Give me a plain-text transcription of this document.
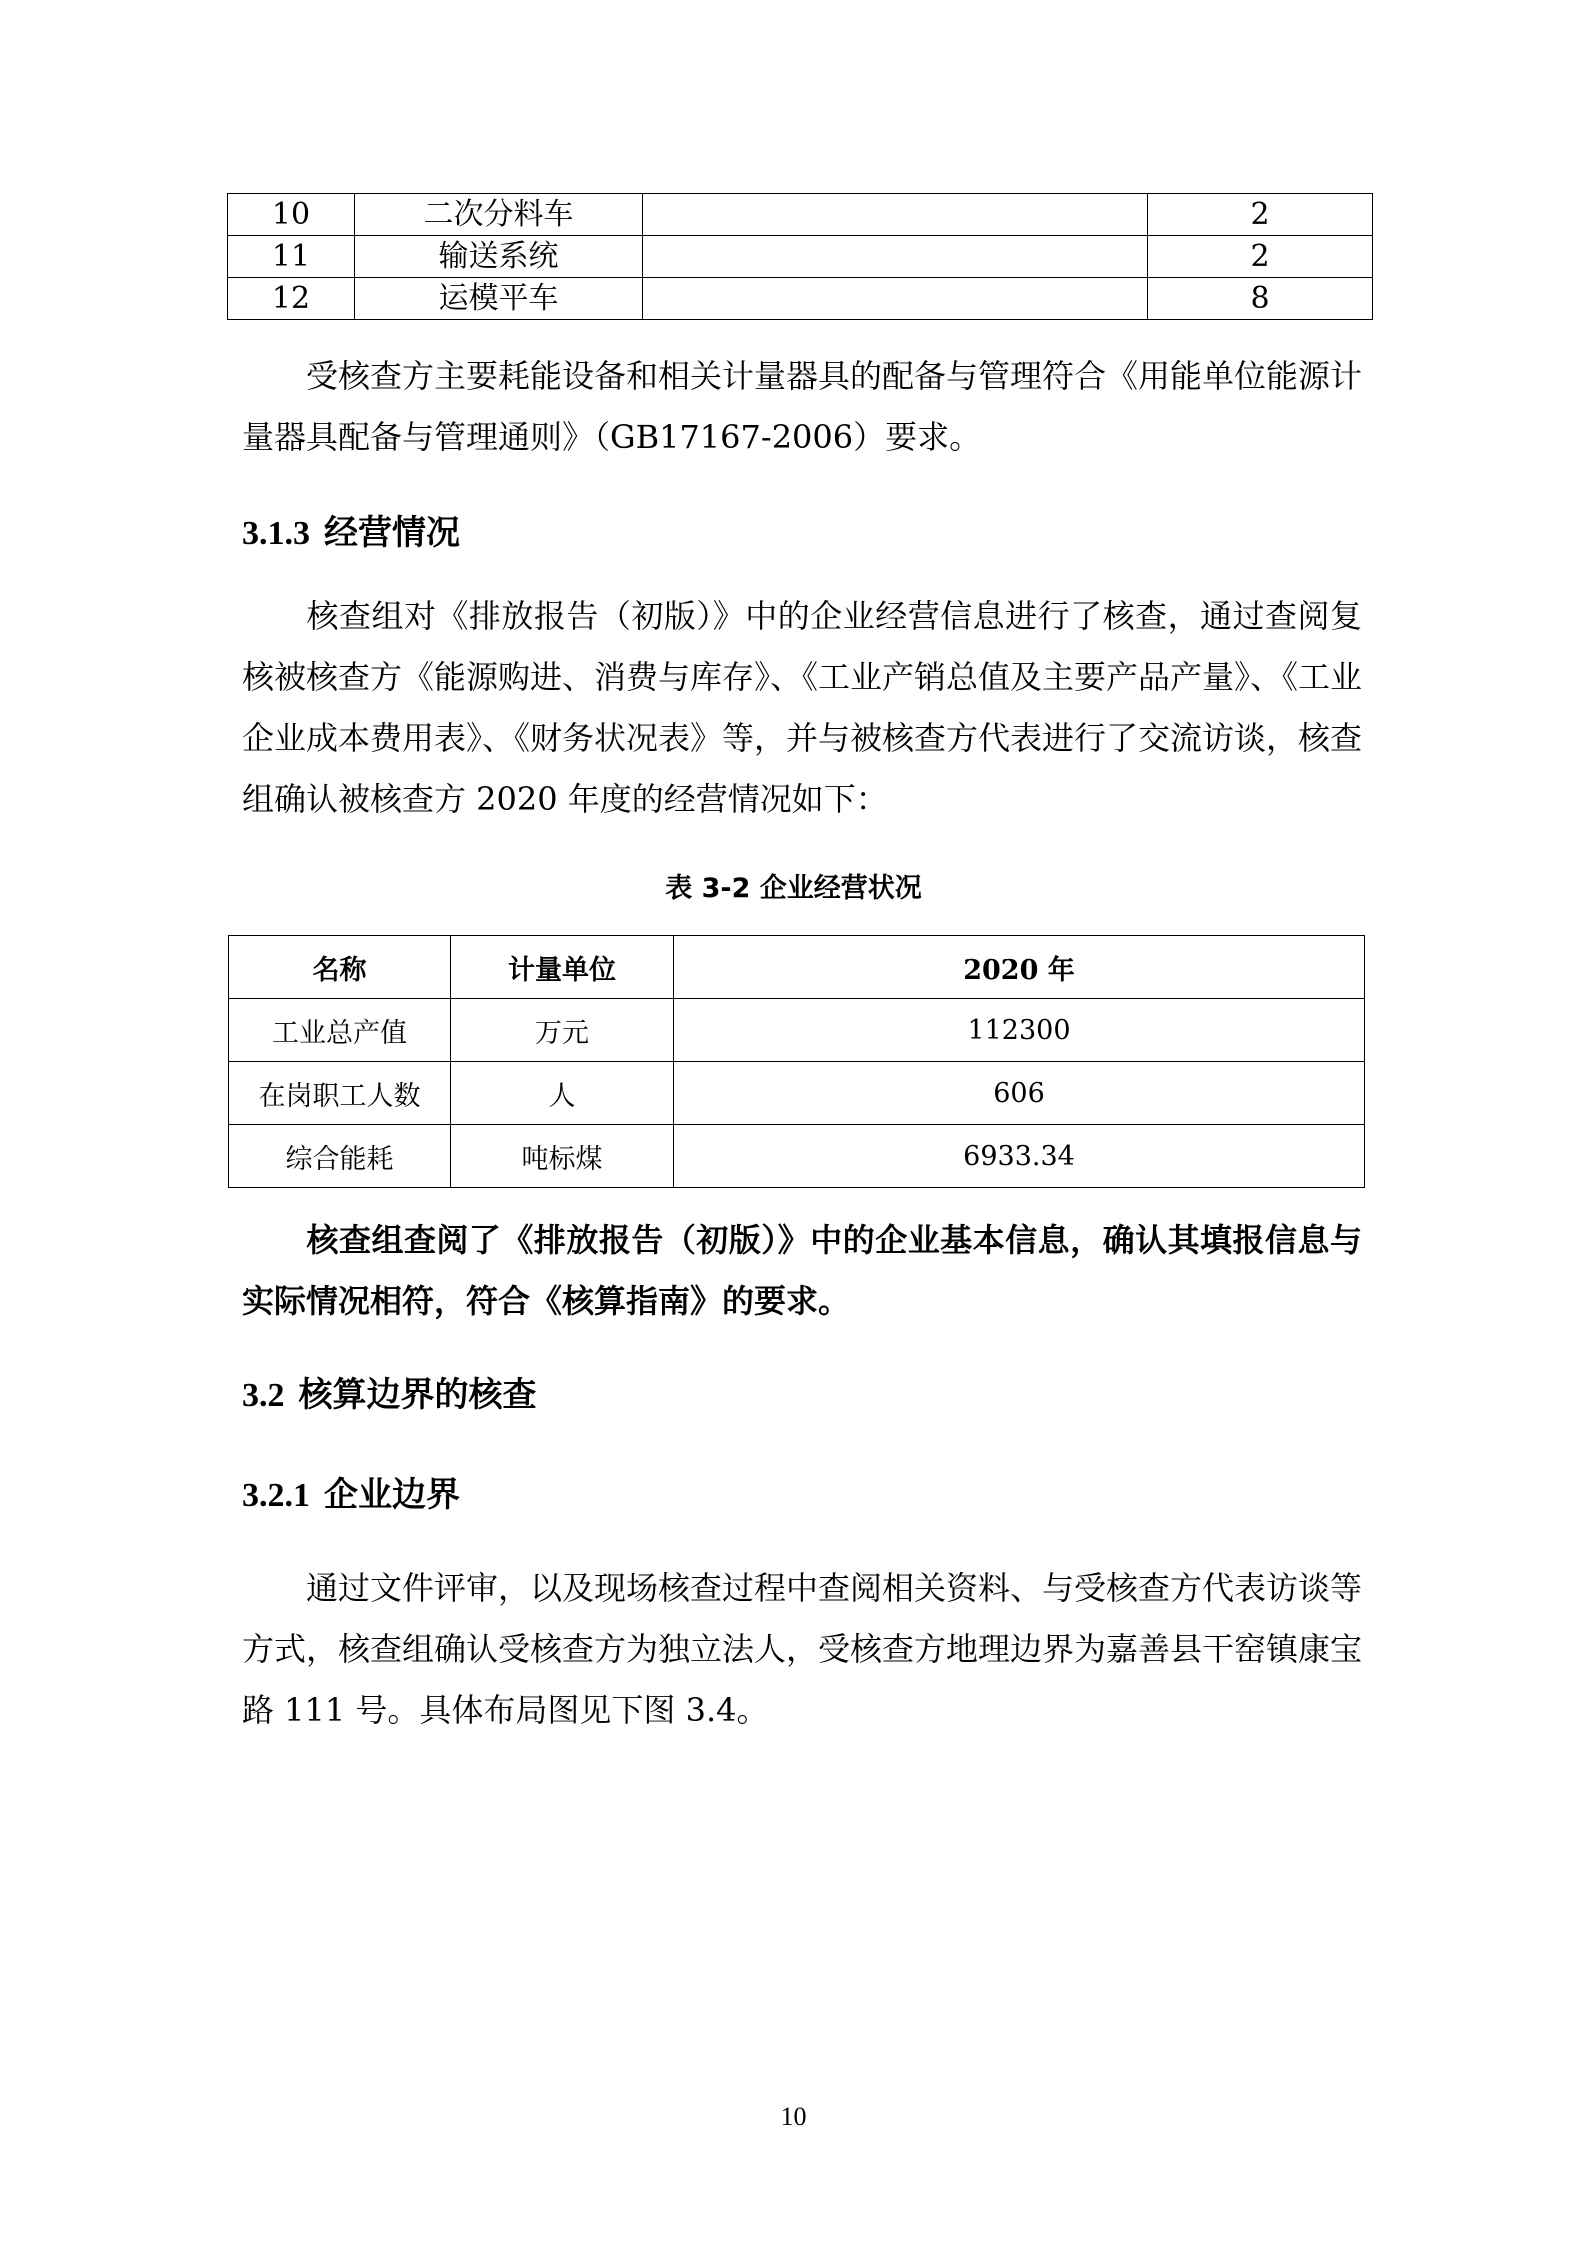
10	二次分料车		2
11	输送系统		2
12	运模平车		8

受核查方主要耗能设备和相关计量器具的配备与管理符合《用能单位能源计量器具配备与管理通则》（GB17167-2006）要求。

3.1.3 经营情况

核查组对《排放报告（初版）》中的企业经营信息进行了核查，通过查阅复核被核查方《能源购进、消费与库存》、《工业产销总值及主要产品产量》、《工业企业成本费用表》、《财务状况表》等，并与被核查方代表进行了交流访谈，核查组确认被核查方 2020 年度的经营情况如下：

表 3-2 企业经营状况

名称	计量单位	2020 年
工业总产值	万元	112300
在岗职工人数	人	606
综合能耗	吨标煤	6933.34

核查组查阅了《排放报告（初版）》中的企业基本信息，确认其填报信息与实际情况相符，符合《核算指南》的要求。

3.2 核算边界的核查
3.2.1 企业边界

通过文件评审，以及现场核查过程中查阅相关资料、与受核查方代表访谈等方式，核查组确认受核查方为独立法人，受核查方地理边界为嘉善县干窑镇康宝路 111 号。具体布局图见下图 3.4。

10
